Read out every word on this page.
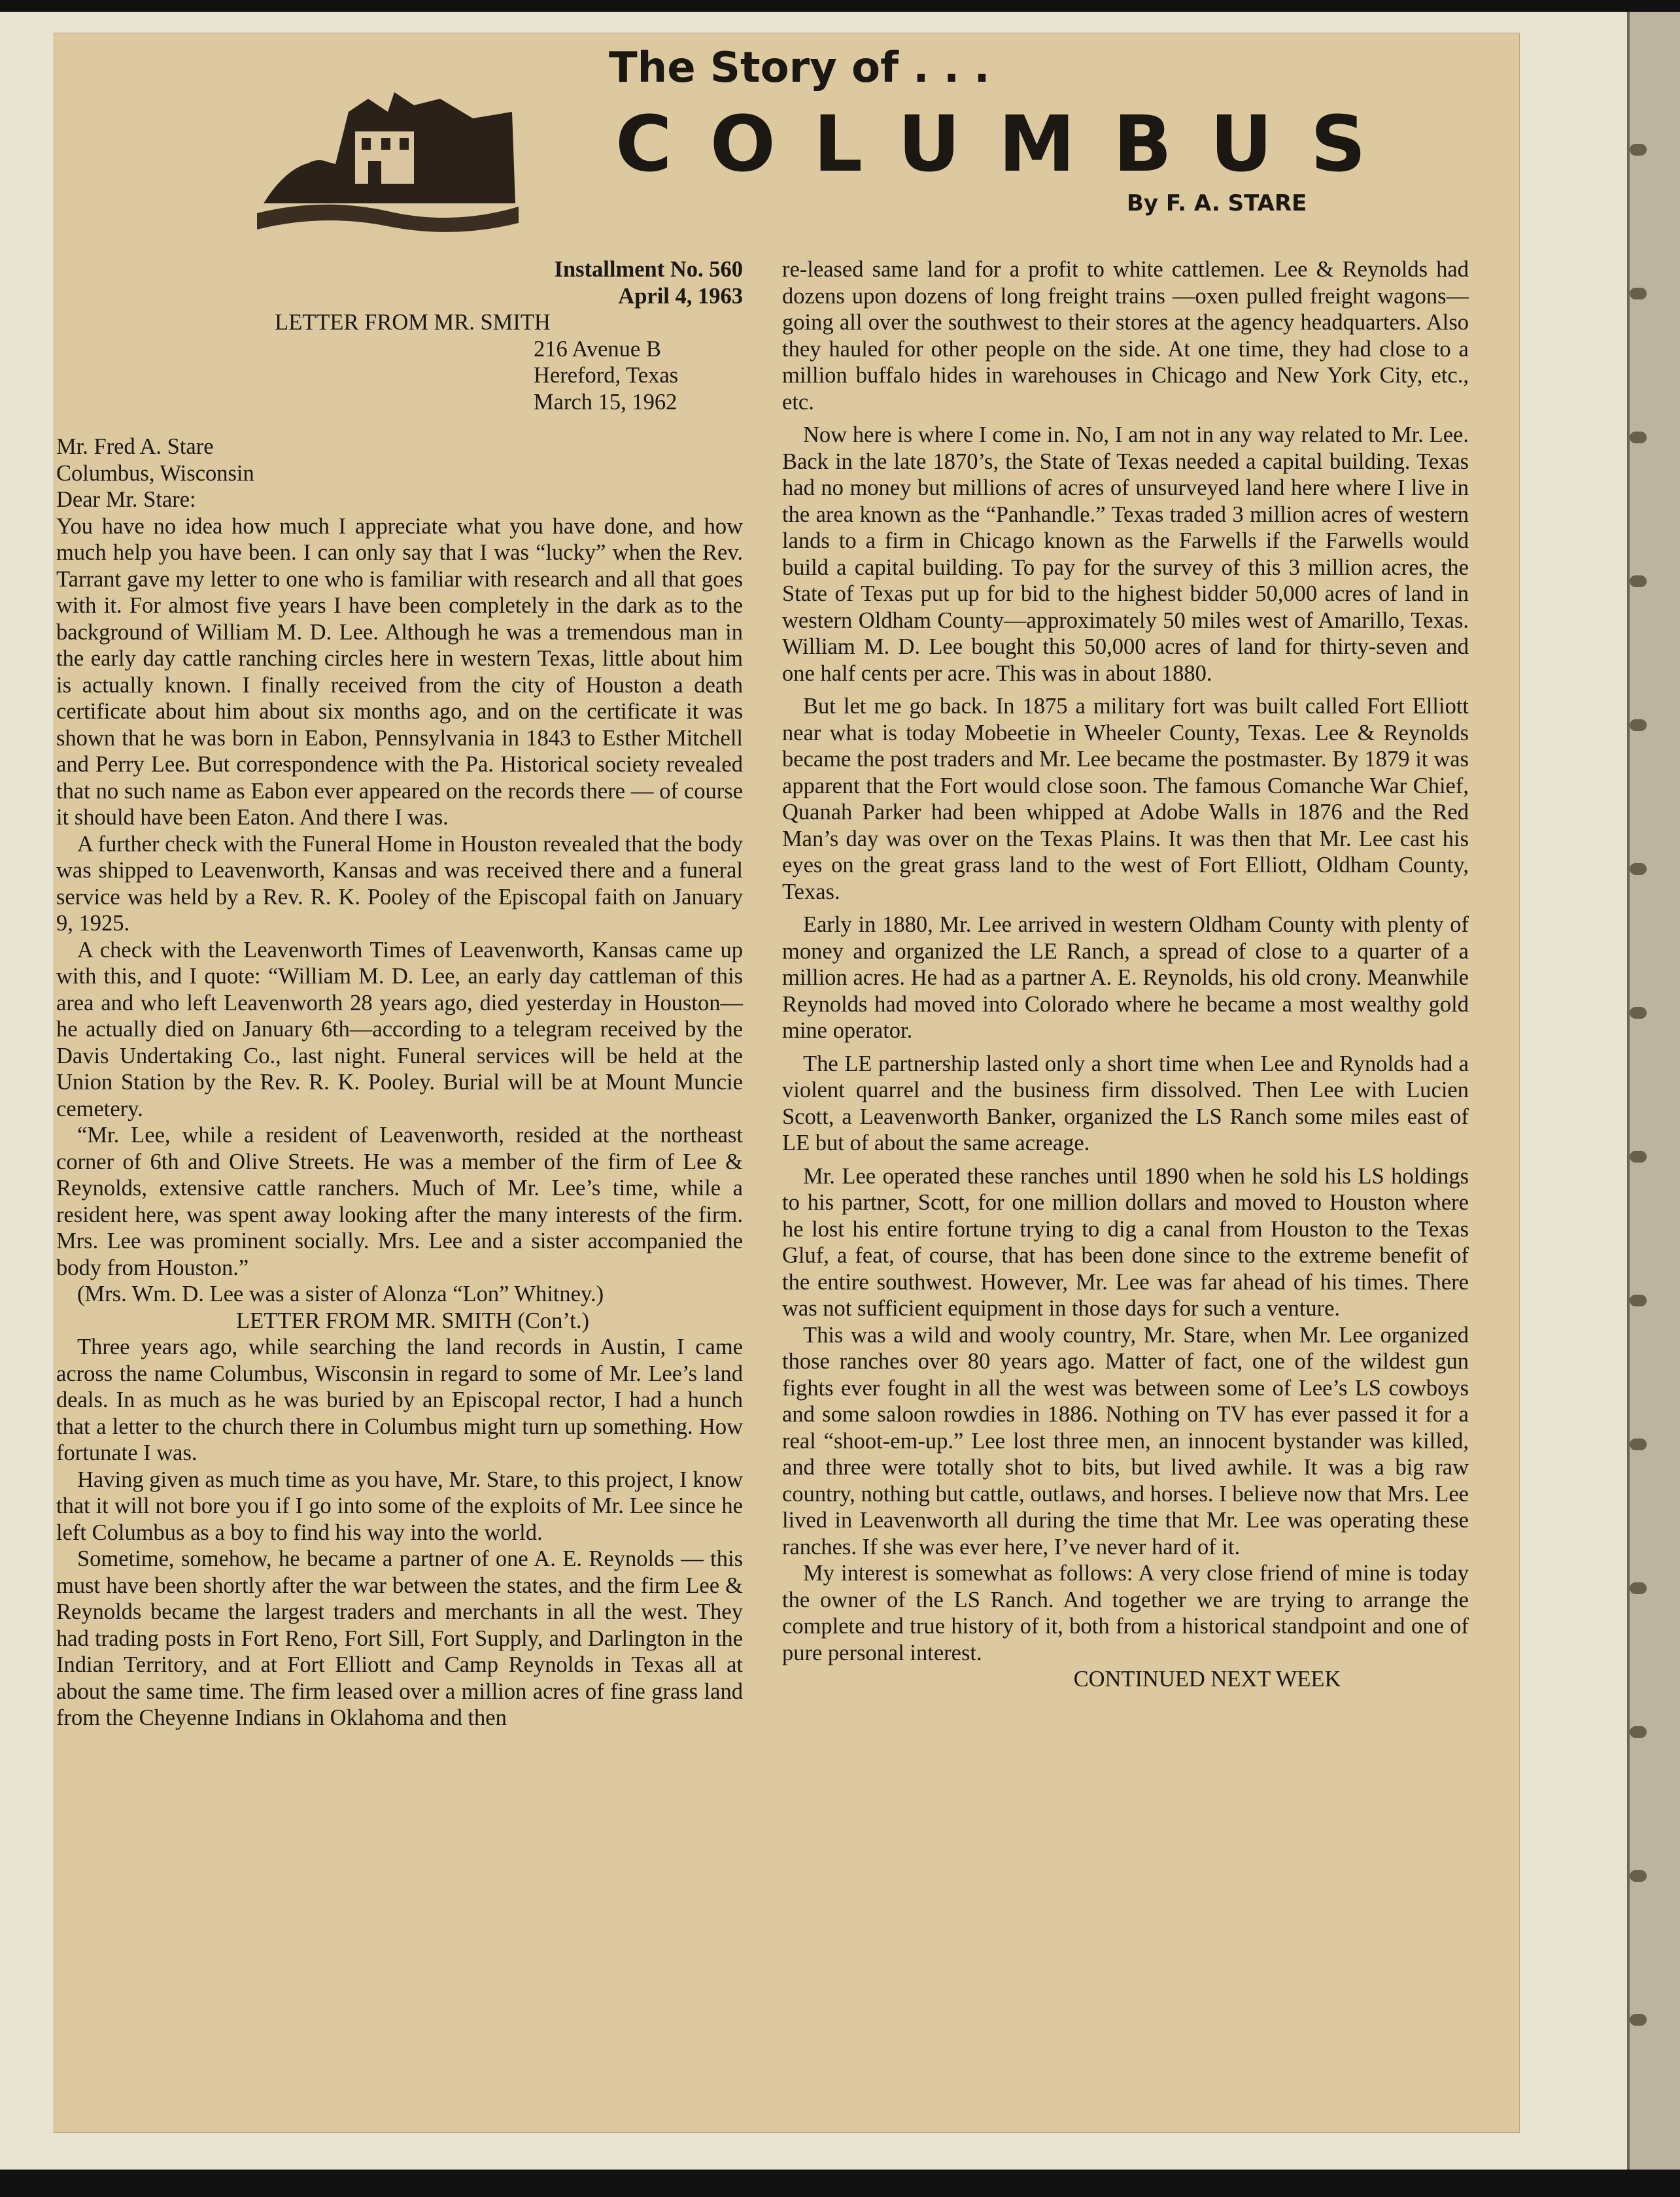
The Story of . . .
COLUMBUS
By F. A. STARE
Installment No. 560
April 4, 1963
LETTER FROM MR. SMITH
216 Avenue B
Hereford, Texas
March 15, 1962
Mr. Fred A. Stare
Columbus, Wisconsin
Dear Mr. Stare:

You have no idea how much I appreciate what you have done, and how much help you have been. I can only say that I was “lucky” when the Rev. Tarrant gave my letter to one who is familiar with research and all that goes with it. For almost five years I have been completely in the dark as to the background of William M. D. Lee. Although he was a tremendous man in the early day cattle ranching circles here in western Texas, little about him is actually known. I finally received from the city of Houston a death certificate about him about six months ago, and on the certificate it was shown that he was born in Eabon, Pennsylvania in 1843 to Esther Mitchell and Perry Lee. But correspondence with the Pa. Historical society revealed that no such name as Eabon ever appeared on the records there — of course it should have been Eaton. And there I was.

A further check with the Funeral Home in Houston revealed that the body was shipped to Leavenworth, Kansas and was received there and a funeral service was held by a Rev. R. K. Pooley of the Episcopal faith on January 9, 1925.

A check with the Leavenworth Times of Leavenworth, Kansas came up with this, and I quote: “William M. D. Lee, an early day cattleman of this area and who left Leavenworth 28 years ago, died yesterday in Houston—he actually died on January 6th—according to a telegram received by the Davis Undertaking Co., last night. Funeral services will be held at the Union Station by the Rev. R. K. Pooley. Burial will be at Mount Muncie cemetery.

“Mr. Lee, while a resident of Leavenworth, resided at the northeast corner of 6th and Olive Streets. He was a member of the firm of Lee & Reynolds, extensive cattle ranchers. Much of Mr. Lee’s time, while a resident here, was spent away looking after the many interests of the firm. Mrs. Lee was prominent socially. Mrs. Lee and a sister accompanied the body from Houston.”

(Mrs. Wm. D. Lee was a sister of Alonza “Lon” Whitney.)

LETTER FROM MR. SMITH (Con’t.)

Three years ago, while searching the land records in Austin, I came across the name Columbus, Wisconsin in regard to some of Mr. Lee’s land deals. In as much as he was buried by an Episcopal rector, I had a hunch that a letter to the church there in Columbus might turn up something. How fortunate I was.

Having given as much time as you have, Mr. Stare, to this project, I know that it will not bore you if I go into some of the exploits of Mr. Lee since he left Columbus as a boy to find his way into the world.

Sometime, somehow, he became a partner of one A. E. Reynolds — this must have been shortly after the war between the states, and the firm Lee & Reynolds became the largest traders and merchants in all the west. They had trading posts in Fort Reno, Fort Sill, Fort Supply, and Darlington in the Indian Territory, and at Fort Elliott and Camp Reynolds in Texas all at about the same time. The firm leased over a million acres of fine grass land from the Cheyenne Indians in Oklahoma and then

re-leased same land for a profit to white cattlemen. Lee & Reynolds had dozens upon dozens of long freight trains —oxen pulled freight wagons—going all over the southwest to their stores at the agency headquarters. Also they hauled for other people on the side. At one time, they had close to a million buffalo hides in warehouses in Chicago and New York City, etc., etc.

Now here is where I come in. No, I am not in any way related to Mr. Lee. Back in the late 1870’s, the State of Texas needed a capital building. Texas had no money but millions of acres of unsurveyed land here where I live in the area known as the “Panhandle.” Texas traded 3 million acres of western lands to a firm in Chicago known as the Farwells if the Farwells would build a capital building. To pay for the survey of this 3 million acres, the State of Texas put up for bid to the highest bidder 50,000 acres of land in western Oldham County—approximately 50 miles west of Amarillo, Texas. William M. D. Lee bought this 50,000 acres of land for thirty-seven and one half cents per acre. This was in about 1880.

But let me go back. In 1875 a military fort was built called Fort Elliott near what is today Mobeetie in Wheeler County, Texas. Lee & Reynolds became the post traders and Mr. Lee became the postmaster. By 1879 it was apparent that the Fort would close soon. The famous Comanche War Chief, Quanah Parker had been whipped at Adobe Walls in 1876 and the Red Man’s day was over on the Texas Plains. It was then that Mr. Lee cast his eyes on the great grass land to the west of Fort Elliott, Oldham County, Texas.

Early in 1880, Mr. Lee arrived in western Oldham County with plenty of money and organized the LE Ranch, a spread of close to a quarter of a million acres. He had as a partner A. E. Reynolds, his old crony. Meanwhile Reynolds had moved into Colorado where he became a most wealthy gold mine operator.

The LE partnership lasted only a short time when Lee and Rynolds had a violent quarrel and the business firm dissolved. Then Lee with Lucien Scott, a Leavenworth Banker, organized the LS Ranch some miles east of LE but of about the same acreage.

Mr. Lee operated these ranches until 1890 when he sold his LS holdings to his partner, Scott, for one million dollars and moved to Houston where he lost his entire fortune trying to dig a canal from Houston to the Texas Gluf, a feat, of course, that has been done since to the extreme benefit of the entire southwest. However, Mr. Lee was far ahead of his times. There was not sufficient equipment in those days for such a venture.

This was a wild and wooly country, Mr. Stare, when Mr. Lee organized those ranches over 80 years ago. Matter of fact, one of the wildest gun fights ever fought in all the west was between some of Lee’s LS cowboys and some saloon rowdies in 1886. Nothing on TV has ever passed it for a real “shoot-em-up.” Lee lost three men, an innocent bystander was killed, and three were totally shot to bits, but lived awhile. It was a big raw country, nothing but cattle, outlaws, and horses. I believe now that Mrs. Lee lived in Leavenworth all during the time that Mr. Lee was operating these ranches. If she was ever here, I’ve never hard of it.

My interest is somewhat as follows: A very close friend of mine is today the owner of the LS Ranch. And together we are trying to arrange the complete and true history of it, both from a historical standpoint and one of pure personal interest.

CONTINUED NEXT WEEK
